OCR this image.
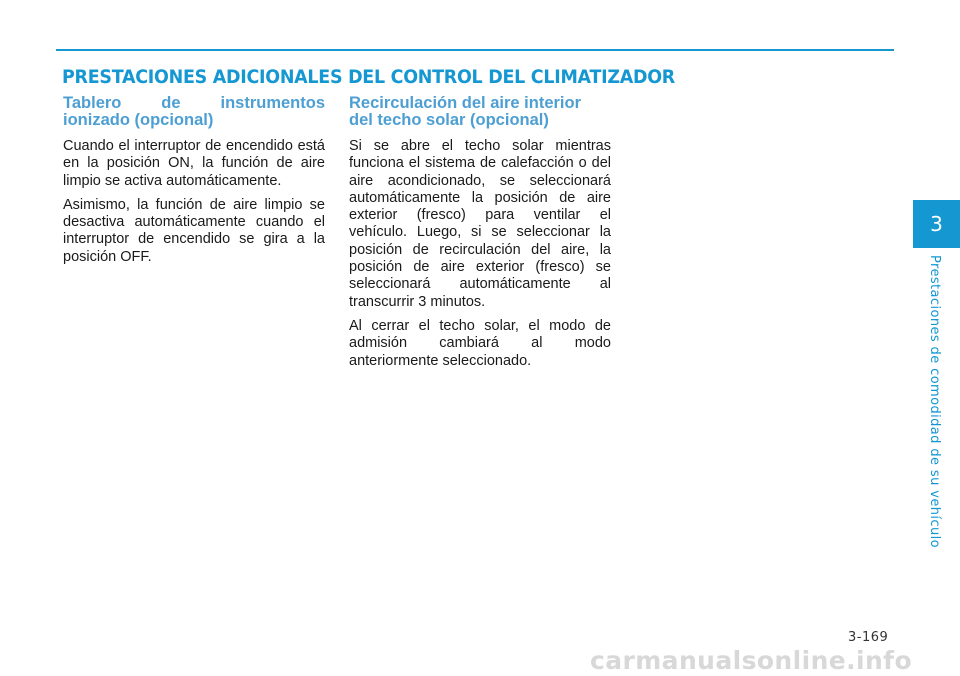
PRESTACIONES ADICIONALES DEL CONTROL DEL CLIMATIZADOR
Tablero de instrumentos
ionizado (opcional)

Cuando el interruptor de encendido está en la posición ON, la función de aire limpio se activa automáticamente.

Asimismo, la función de aire limpio se desactiva automáticamente cuando el interruptor de encendido se gira a la posición OFF.

Recirculación del aire interior
del techo solar (opcional)

Si se abre el techo solar mientras funciona el sistema de calefacción o del aire acondicionado, se seleccionará automáticamente la posición de aire exterior (fresco) para ventilar el vehículo. Luego, si se seleccionar la posición de recirculación del aire, la posición de aire exterior (fresco) se seleccionará automáticamente al transcurrir 3 minutos.

Al cerrar el techo solar, el modo de admisión cambiará al modo anteriormente seleccionado.

3
Prestaciones de comodidad de su vehículo
3-169
carmanualsonline.info
